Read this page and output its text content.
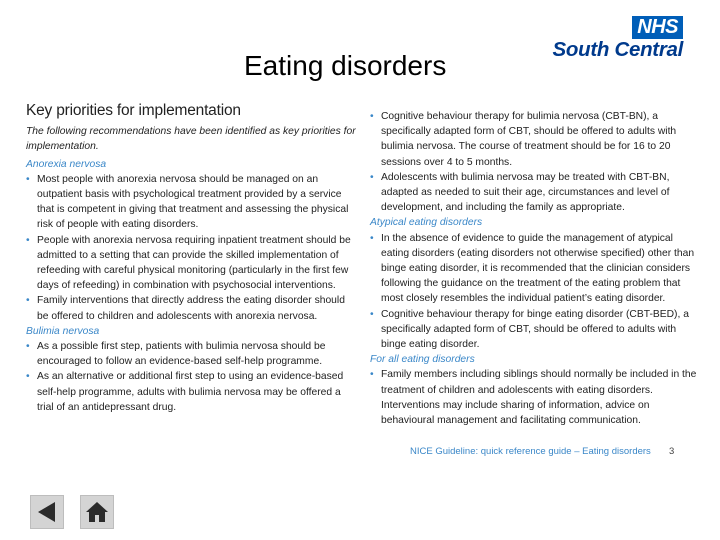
Eating disorders
NHS
South Central
Key priorities for implementation
The following recommendations have been identified as key priorities for implementation.
Anorexia nervosa
• Most people with anorexia nervosa should be managed on an outpatient basis with psychological treatment provided by a service that is competent in giving that treatment and assessing the physical risk of people with eating disorders.
• People with anorexia nervosa requiring inpatient treatment should be admitted to a setting that can provide the skilled implementation of refeeding with careful physical monitoring (particularly in the first few days of refeeding) in combination with psychosocial interventions.
• Family interventions that directly address the eating disorder should be offered to children and adolescents with anorexia nervosa.
Bulimia nervosa
• As a possible first step, patients with bulimia nervosa should be encouraged to follow an evidence-based self-help programme.
• As an alternative or additional first step to using an evidence-based self-help programme, adults with bulimia nervosa may be offered a trial of an antidepressant drug.
• Cognitive behaviour therapy for bulimia nervosa (CBT-BN), a specifically adapted form of CBT, should be offered to adults with bulimia nervosa. The course of treatment should be for 16 to 20 sessions over 4 to 5 months.
• Adolescents with bulimia nervosa may be treated with CBT-BN, adapted as needed to suit their age, circumstances and level of development, and including the family as appropriate.
Atypical eating disorders
• In the absence of evidence to guide the management of atypical eating disorders (eating disorders not otherwise specified) other than binge eating disorder, it is recommended that the clinician considers following the guidance on the treatment of the eating problem that most closely resembles the individual patient’s eating disorder.
• Cognitive behaviour therapy for binge eating disorder (CBT-BED), a specifically adapted form of CBT, should be offered to adults with binge eating disorder.
For all eating disorders
• Family members including siblings should normally be included in the treatment of children and adolescents with eating disorders. Interventions may include sharing of information, advice on behavioural management and facilitating communication.
NICE Guideline: quick reference guide – Eating disorders 3
